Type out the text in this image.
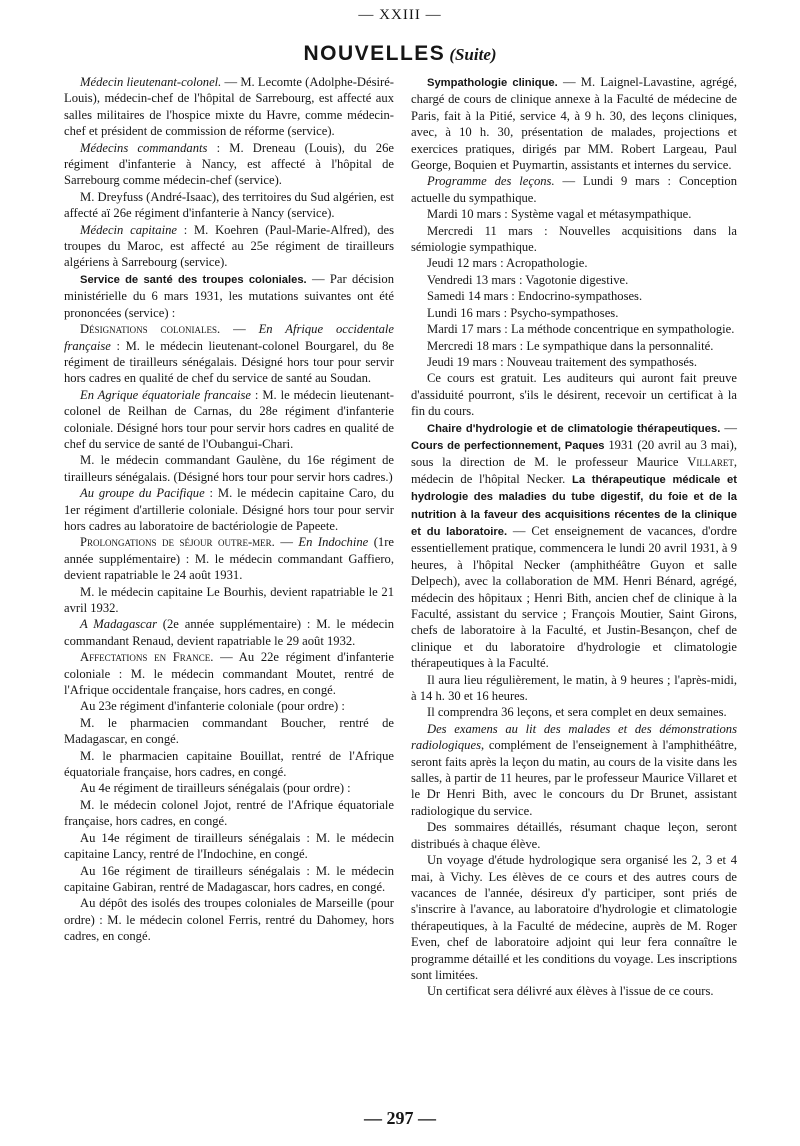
— XXIII —
NOUVELLES (Suite)

Médecin lieutenant-colonel. — M. Lecomte (Adolphe-Désiré-Louis), médecin-chef de l'hôpital de Sarrebourg, est affecté aux salles militaires de l'hospice mixte du Havre, comme médecin-chef et président de commission de réforme (service).

Médecins commandants : M. Dreneau (Louis), du 26e régiment d'infanterie à Nancy, est affecté à l'hôpital de Sarrebourg comme médecin-chef (service).

M. Dreyfuss (André-Isaac), des territoires du Sud algérien, est affecté aï 26e régiment d'infanterie à Nancy (service).

Médecin capitaine : M. Koehren (Paul-Marie-Alfred), des troupes du Maroc, est affecté au 25e régiment de tirailleurs algériens à Sarrebourg (service).

Service de santé des troupes coloniales. — Par décision ministérielle du 6 mars 1931, les mutations suivantes ont été prononcées (service) :

Désignations coloniales. — En Afrique occidentale française : M. le médecin lieutenant-colonel Bourgarel, du 8e régiment de tirailleurs sénégalais. Désigné hors tour pour servir hors cadres en qualité de chef du service de santé au Soudan.

En Agrique équatoriale francaise : M. le médecin lieutenant-colonel de Reilhan de Carnas, du 28e régiment d'infanterie coloniale. Désigné hors tour pour servir hors cadres en qualité de chef du service de santé de l'Oubangui-Chari.

M. le médecin commandant Gaulène, du 16e régiment de tirailleurs sénégalais. (Désigné hors tour pour servir hors cadres.)

Au groupe du Pacifique : M. le médecin capitaine Caro, du 1er régiment d'artillerie coloniale. Désigné hors tour pour servir hors cadres au laboratoire de bactériologie de Papeete.

Prolongations de séjour outre-mer. — En Indochine (1re année supplémentaire) : M. le médecin commandant Gaffiero, devient rapatriable le 24 août 1931.

M. le médecin capitaine Le Bourhis, devient rapatriable le 21 avril 1932.

A Madagascar (2e année supplémentaire) : M. le médecin commandant Renaud, devient rapatriable le 29 août 1932.

Affectations en France. — Au 22e régiment d'infanterie coloniale : M. le médecin commandant Moutet, rentré de l'Afrique occidentale française, hors cadres, en congé.

Au 23e régiment d'infanterie coloniale (pour ordre) :

M. le pharmacien commandant Boucher, rentré de Madagascar, en congé.

M. le pharmacien capitaine Bouillat, rentré de l'Afrique équatoriale française, hors cadres, en congé.

Au 4e régiment de tirailleurs sénégalais (pour ordre) :

M. le médecin colonel Jojot, rentré de l'Afrique équatoriale française, hors cadres, en congé.

Au 14e régiment de tirailleurs sénégalais : M. le médecin capitaine Lancy, rentré de l'Indochine, en congé.

Au 16e régiment de tirailleurs sénégalais : M. le médecin capitaine Gabiran, rentré de Madagascar, hors cadres, en congé.

Au dépôt des isolés des troupes coloniales de Marseille (pour ordre) : M. le médecin colonel Ferris, rentré du Dahomey, hors cadres, en congé.

Sympathologie clinique. — M. Laignel-Lavastine, agrégé, chargé de cours de clinique annexe à la Faculté de médecine de Paris, fait à la Pitié, service 4, à 9 h. 30, des leçons cliniques, avec, à 10 h. 30, présentation de malades, projections et exercices pratiques, dirigés par MM. Robert Largeau, Paul George, Boquien et Puymartin, assistants et internes du service.

Programme des leçons. — Lundi 9 mars : Conception actuelle du sympathique.

Mardi 10 mars : Système vagal et métasympathique.

Mercredi 11 mars : Nouvelles acquisitions dans la sémiologie sympathique.

Jeudi 12 mars : Acropathologie.

Vendredi 13 mars : Vagotonie digestive.

Samedi 14 mars : Endocrino-sympathoses.

Lundi 16 mars : Psycho-sympathoses.

Mardi 17 mars : La méthode concentrique en sympathologie.

Mercredi 18 mars : Le sympathique dans la personnalité.

Jeudi 19 mars : Nouveau traitement des sympathosés.

Ce cours est gratuit. Les auditeurs qui auront fait preuve d'assiduité pourront, s'ils le désirent, recevoir un certificat à la fin du cours.

Chaire d'hydrologie et de climatologie thérapeutiques. — Cours de perfectionnement, Paques 1931 (20 avril au 3 mai), sous la direction de M. le professeur Maurice Villaret, médecin de l'hôpital Necker. La thérapeutique médicale et hydrologie des maladies du tube digestif, du foie et de la nutrition à la faveur des acquisitions récentes de la clinique et du laboratoire. — Cet enseignement de vacances, d'ordre essentiellement pratique, commencera le lundi 20 avril 1931, à 9 heures, à l'hôpital Necker (amphithéâtre Guyon et salle Delpech), avec la collaboration de MM. Henri Bénard, agrégé, médecin des hôpitaux ; Henri Bith, ancien chef de clinique à la Faculté, assistant du service ; François Moutier, Saint Girons, chefs de laboratoire à la Faculté, et Justin-Besançon, chef de clinique et du laboratoire d'hydrologie et climatologie thérapeutiques à la Faculté.

Il aura lieu régulièrement, le matin, à 9 heures ; l'après-midi, à 14 h. 30 et 16 heures.

Il comprendra 36 leçons, et sera complet en deux semaines.

Des examens au lit des malades et des démonstrations radiologiques, complément de l'enseignement à l'amphithéâtre, seront faits après la leçon du matin, au cours de la visite dans les salles, à partir de 11 heures, par le professeur Maurice Villaret et le Dr Henri Bith, avec le concours du Dr Brunet, assistant radiologique du service.

Des sommaires détaillés, résumant chaque leçon, seront distribués à chaque élève.

Un voyage d'étude hydrologique sera organisé les 2, 3 et 4 mai, à Vichy. Les élèves de ce cours et des autres cours de vacances de l'année, désireux d'y participer, sont priés de s'inscrire à l'avance, au laboratoire d'hydrologie et climatologie thérapeutiques, à la Faculté de médecine, auprès de M. Roger Even, chef de laboratoire adjoint qui leur fera connaître le programme détaillé et les conditions du voyage. Les inscriptions sont limitées.

Un certificat sera délivré aux élèves à l'issue de ce cours.

— 297 —
